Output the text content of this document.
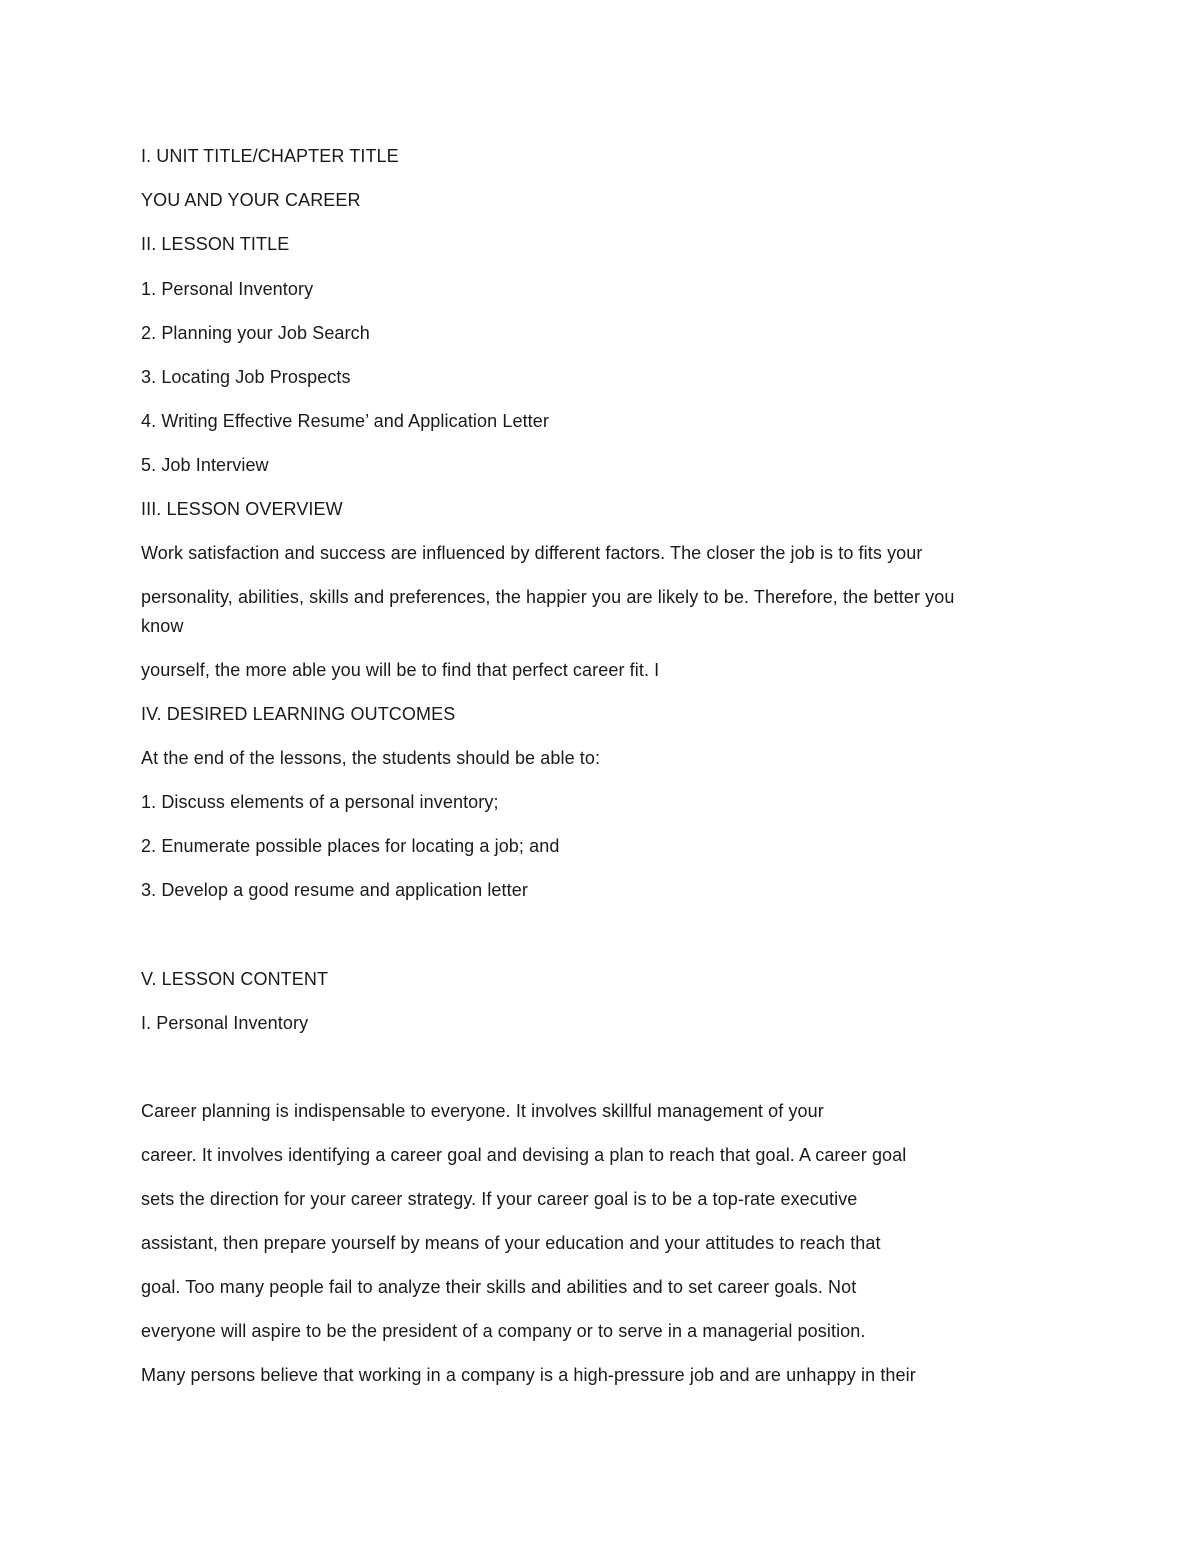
I. UNIT TITLE/CHAPTER TITLE
YOU AND YOUR CAREER
II. LESSON TITLE
1. Personal Inventory
2. Planning your Job Search
3. Locating Job Prospects
4. Writing Effective Resume’ and Application Letter
5. Job Interview
III. LESSON OVERVIEW
Work satisfaction and success are influenced by different factors. The closer the job is to fits your
personality, abilities, skills and preferences, the happier you are likely to be. Therefore, the better you
know
yourself, the more able you will be to find that perfect career fit. I
IV. DESIRED LEARNING OUTCOMES
At the end of the lessons, the students should be able to:
1. Discuss elements of a personal inventory;
2. Enumerate possible places for locating a job; and
3. Develop a good resume and application letter
V. LESSON CONTENT
I. Personal Inventory
Career planning is indispensable to everyone. It involves skillful management of your
career. It involves identifying a career goal and devising a plan to reach that goal. A career goal
sets the direction for your career strategy. If your career goal is to be a top-rate executive
assistant, then prepare yourself by means of your education and your attitudes to reach that
goal. Too many people fail to analyze their skills and abilities and to set career goals. Not
everyone will aspire to be the president of a company or to serve in a managerial position.
Many persons believe that working in a company is a high-pressure job and are unhappy in their
